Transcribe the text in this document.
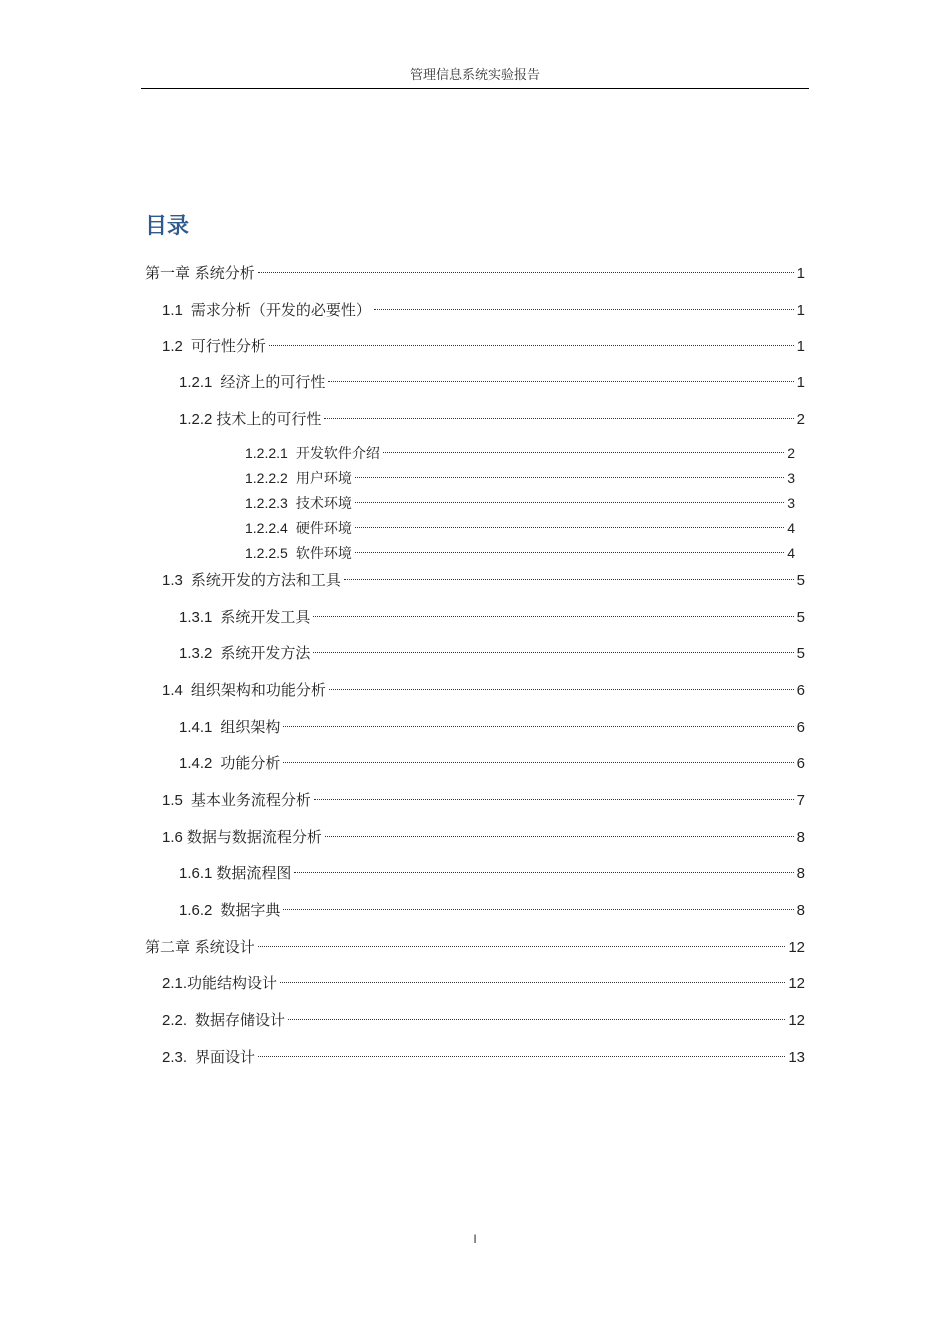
管理信息系统实验报告
目录
第一章 系统分析	1
1.1 需求分析（开发的必要性）	1
1.2 可行性分析	1
1.2.1 经济上的可行性	1
1.2.2 技术上的可行性	2
1.2.2.1 开发软件介绍	2
1.2.2.2 用户环境	3
1.2.2.3 技术环境	3
1.2.2.4 硬件环境	4
1.2.2.5 软件环境	4
1.3 系统开发的方法和工具	5
1.3.1 系统开发工具	5
1.3.2 系统开发方法	5
1.4 组织架构和功能分析	6
1.4.1 组织架构	6
1.4.2 功能分析	6
1.5 基本业务流程分析	7
1.6 数据与数据流程分析	8
1.6.1 数据流程图	8
1.6.2 数据字典	8
第二章 系统设计	12
2.1. 功能结构设计	12
2.2. 数据存储设计	12
2.3. 界面设计	13
I
